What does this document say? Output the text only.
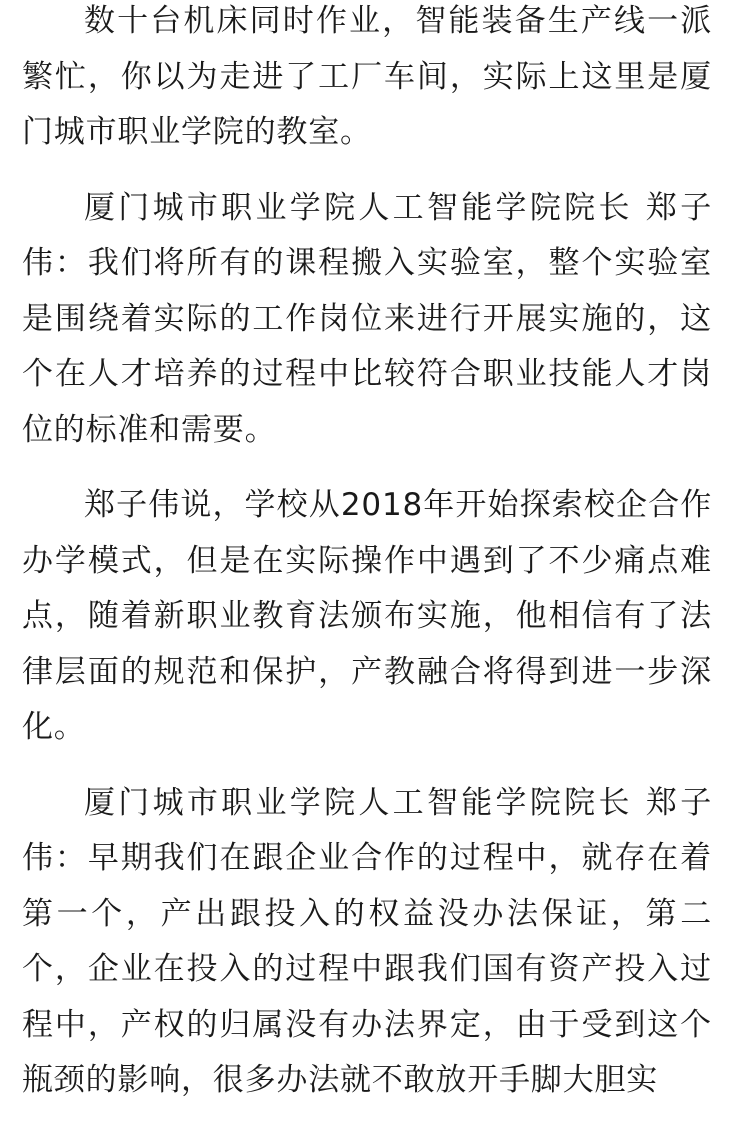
数十台机床同时作业，智能装备生产线一派繁忙，你以为走进了工厂车间，实际上这里是厦门城市职业学院的教室。

厦门城市职业学院人工智能学院院长 郑子伟：我们将所有的课程搬入实验室，整个实验室是围绕着实际的工作岗位来进行开展实施的，这个在人才培养的过程中比较符合职业技能人才岗位的标准和需要。

郑子伟说，学校从2018年开始探索校企合作办学模式，但是在实际操作中遇到了不少痛点难点，随着新职业教育法颁布实施，他相信有了法律层面的规范和保护，产教融合将得到进一步深化。

厦门城市职业学院人工智能学院院长 郑子伟：早期我们在跟企业合作的过程中，就存在着第一个，产出跟投入的权益没办法保证，第二个，企业在投入的过程中跟我们国有资产投入过程中，产权的归属没有办法界定，由于受到这个瓶颈的影响，很多办法就不敢放开手脚大胆实
